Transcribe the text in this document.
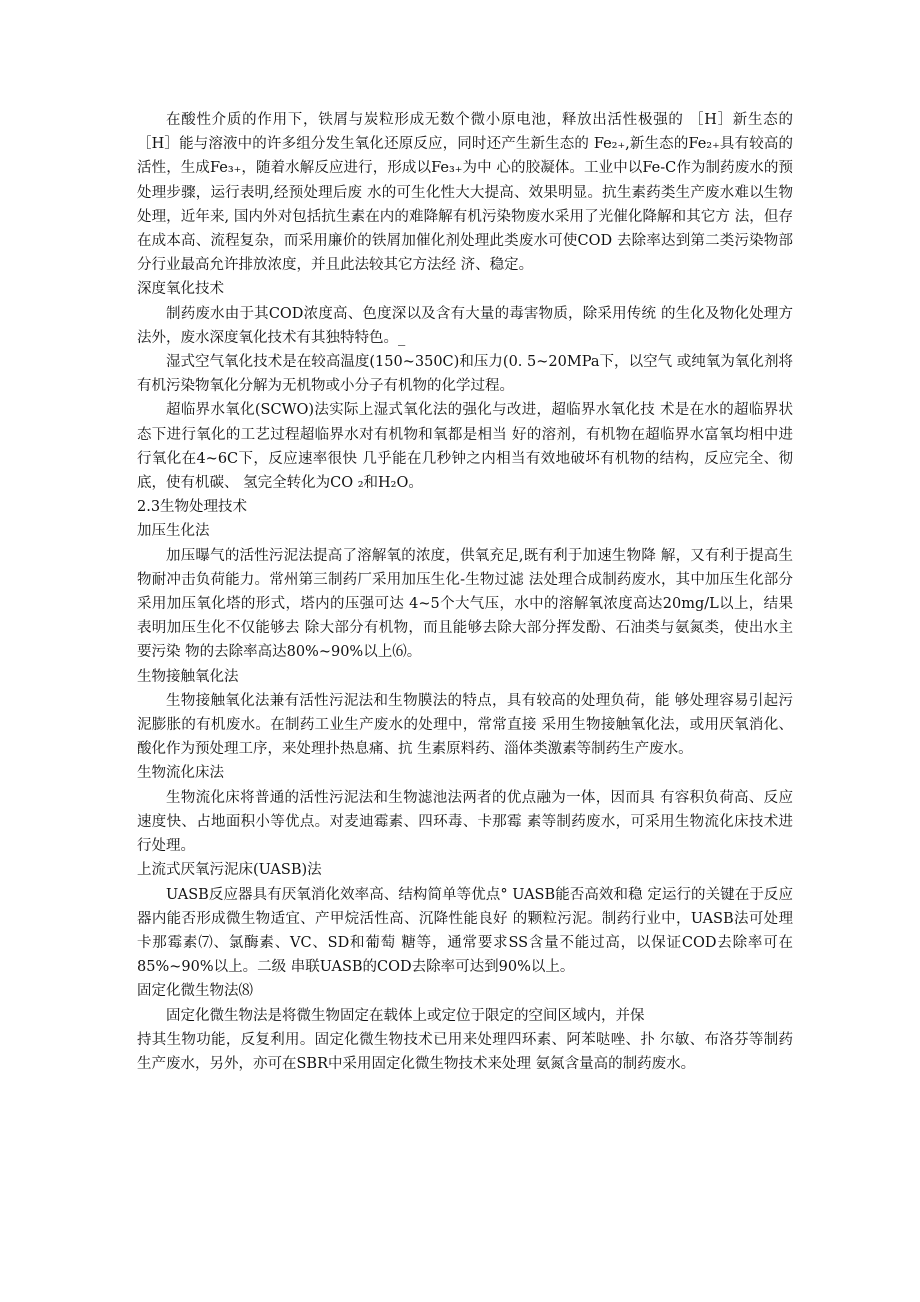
在酸性介质的作用下，铁屑与炭粒形成无数个微小原电池，释放出活性极强的 ［H］新生态的［H］能与溶液中的许多组分发生氧化还原反应，同时还产生新生态的 Fe₂₊,新生态的Fe₂₊具有较高的活性，生成Fe₃₊，随着水解反应进行，形成以Fe₃₊为中 心的胶凝体。工业中以Fe-C作为制药废水的预处理步骤，运行表明,经预处理后废 水的可生化性大大提高、效果明显。抗生素药类生产废水难以生物处理，近年来, 国内外对包括抗生素在内的难降解有机污染物废水采用了光催化降解和其它方 法，但存在成本高、流程复杂，而采用廉价的铁屑加催化剂处理此类废水可使COD 去除率达到第二类污染物部分行业最高允许排放浓度，并且此法较其它方法经 济、稳定。

深度氧化技术

制药废水由于其COD浓度高、色度深以及含有大量的毒害物质，除采用传统 的生化及物化处理方法外，废水深度氧化技术有其独特特色。_

湿式空气氧化技术是在较高温度(150~350C)和压力(0. 5~20MPa下，以空气 或纯氧为氧化剂将有机污染物氧化分解为无机物或小分子有机物的化学过程。

超临界水氧化(SCWO)法实际上湿式氧化法的强化与改进，超临界水氧化技 术是在水的超临界状态下进行氧化的工艺过程超临界水对有机物和氧都是相当 好的溶剂，有机物在超临界水富氧均相中进行氧化在4~6C下，反应速率很快 几乎能在几秒钟之内相当有效地破坏有机物的结构，反应完全、彻底，使有机碳、 氢完全转化为CO ₂和H₂O。

2.3生物处理技术

加压生化法

加压曝气的活性污泥法提高了溶解氧的浓度，供氧充足,既有利于加速生物降 解，又有利于提高生物耐冲击负荷能力。常州第三制药厂采用加压生化-生物过滤 法处理合成制药废水，其中加压生化部分采用加压氧化塔的形式，塔内的压强可达 4~5个大气压，水中的溶解氧浓度高达20mg/L以上，结果表明加压生化不仅能够去 除大部分有机物，而且能够去除大部分挥发酚、石油类与氨氮类，使出水主要污染 物的去除率高达80%~90%以上⑹。

生物接触氧化法

生物接触氧化法兼有活性污泥法和生物膜法的特点，具有较高的处理负荷，能 够处理容易引起污泥膨胀的有机废水。在制药工业生产废水的处理中，常常直接 采用生物接触氧化法，或用厌氧消化、酸化作为预处理工序，来处理扑热息痛、抗 生素原料药、淄体类激素等制药生产废水。

生物流化床法

生物流化床将普通的活性污泥法和生物滤池法两者的优点融为一体，因而具 有容积负荷高、反应速度快、占地面积小等优点。对麦迪霉素、四环毒、卡那霉 素等制药废水，可采用生物流化床技术进行处理。

上流式厌氧污泥床(UASB)法

UASB反应器具有厌氧消化效率高、结构简单等优点° UASB能否高效和稳 定运行的关键在于反应器内能否形成微生物适宜、产甲烷活性高、沉降性能良好 的颗粒污泥。制药行业中，UASB法可处理卡那霉素⑺、氯酶素、VC、SD和葡萄 糖等，通常要求SS含量不能过高，以保证COD去除率可在85%~90%以上。二级 串联UASB的COD去除率可达到90%以上。

固定化微生物法⑻

固定化微生物法是将微生物固定在载体上或定位于限定的空间区域内，并保

持其生物功能，反复利用。固定化微生物技术已用来处理四环素、阿苯哒唑、扑 尔敏、布洛芬等制药生产废水，另外，亦可在SBR中采用固定化微生物技术来处理 氨氮含量高的制药废水。
